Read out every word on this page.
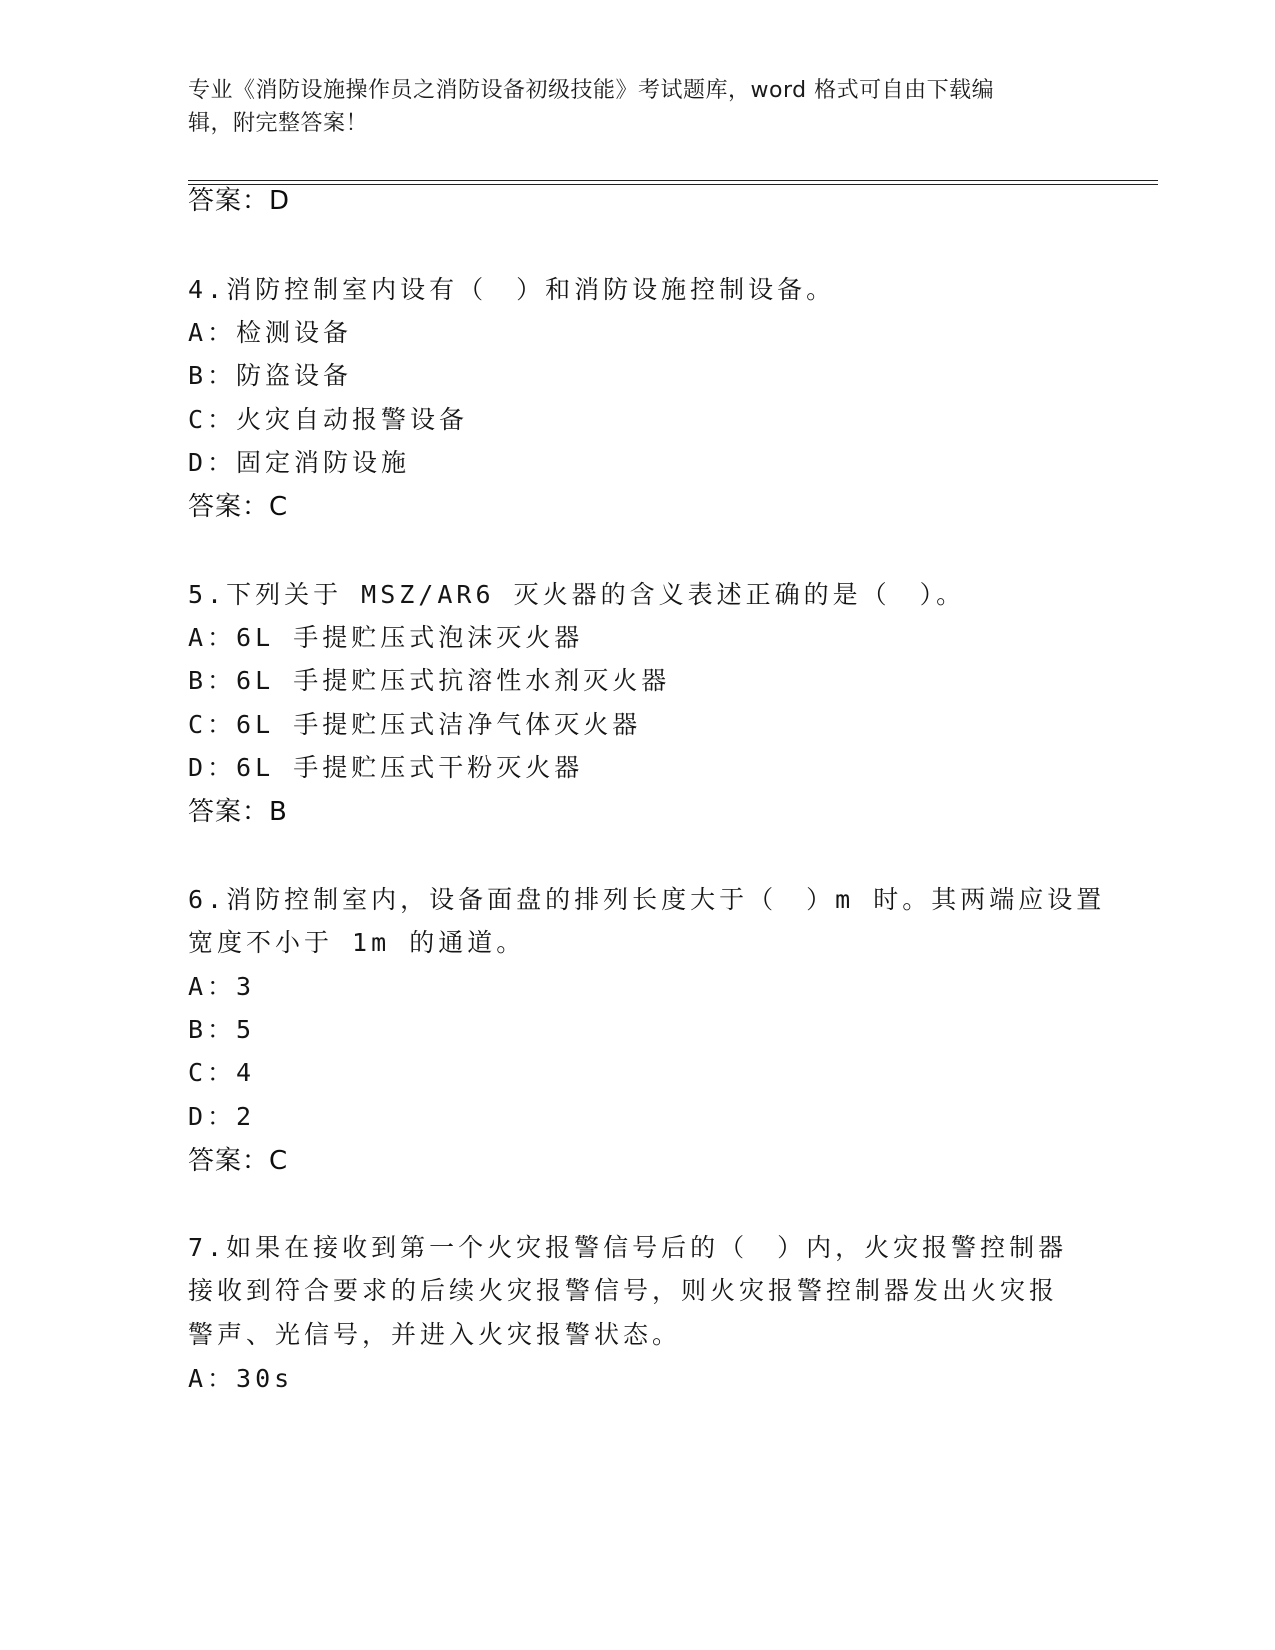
专业《消防设施操作员之消防设备初级技能》考试题库，word 格式可自由下载编
辑，附完整答案！
答案：D
4.消防控制室内设有（　）和消防设施控制设备。
A：检测设备
B：防盗设备
C：火灾自动报警设备
D：固定消防设施
答案：C
5.下列关于 MSZ/AR6 灭火器的含义表述正确的是（　）。
A：6L 手提贮压式泡沫灭火器
B：6L 手提贮压式抗溶性水剂灭火器
C：6L 手提贮压式洁净气体灭火器
D：6L 手提贮压式干粉灭火器
答案：B
6.消防控制室内，设备面盘的排列长度大于（　）m 时。其两端应设置
宽度不小于 1m 的通道。
A：3
B：5
C：4
D：2
答案：C
7.如果在接收到第一个火灾报警信号后的（　）内，火灾报警控制器
接收到符合要求的后续火灾报警信号，则火灾报警控制器发出火灾报
警声、光信号，并进入火灾报警状态。
A：30s
